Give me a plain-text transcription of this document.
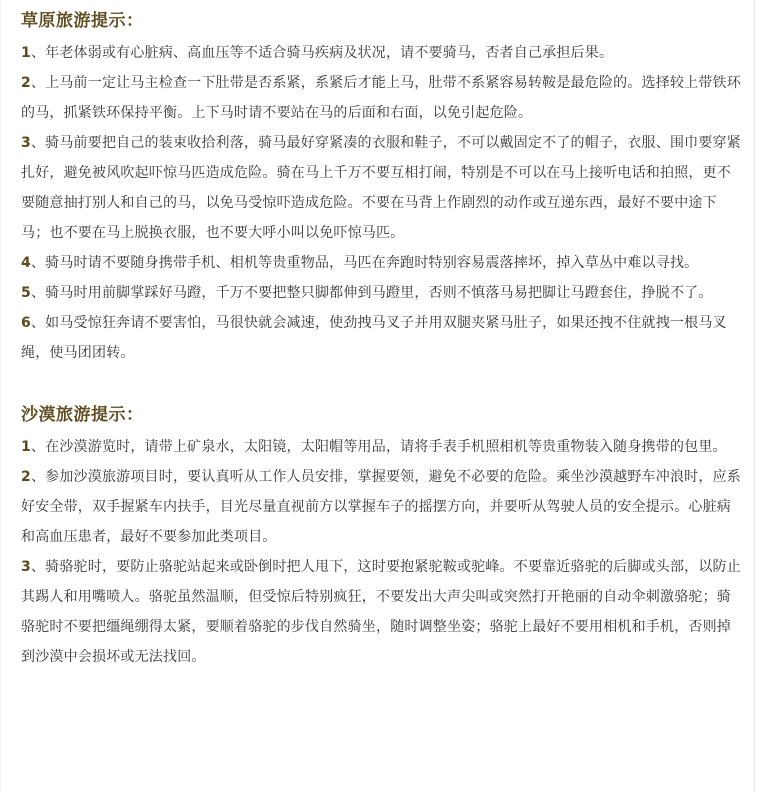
草原旅游提示：

1、年老体弱或有心脏病、高血压等不适合骑马疾病及状况，请不要骑马，否者自己承担后果。

2、上马前一定让马主检查一下肚带是否系紧，系紧后才能上马，肚带不系紧容易转鞍是最危险的。选择较上带铁环的马，抓紧铁环保持平衡。上下马时请不要站在马的后面和右面，以免引起危险。

3、骑马前要把自己的装束收拾利落，骑马最好穿紧凑的衣服和鞋子，不可以戴固定不了的帽子，衣服、围巾要穿紧扎好，避免被风吹起吓惊马匹造成危险。骑在马上千万不要互相打闹，特别是不可以在马上接听电话和拍照，更不要随意抽打别人和自己的马，以免马受惊吓造成危险。不要在马背上作剧烈的动作或互递东西，最好不要中途下马；也不要在马上脱换衣服，也不要大呼小叫以免吓惊马匹。

4、骑马时请不要随身携带手机、相机等贵重物品，马匹在奔跑时特别容易震落摔坏，掉入草丛中难以寻找。

5、骑马时用前脚掌踩好马蹬，千万不要把整只脚都伸到马蹬里，否则不慎落马易把脚让马蹬套住，挣脱不了。

6、如马受惊狂奔请不要害怕，马很快就会减速，使劲拽马叉子并用双腿夹紧马肚子，如果还拽不住就拽一根马叉绳，使马团团转。

沙漠旅游提示：

1、在沙漠游览时，请带上矿泉水，太阳镜，太阳帽等用品，请将手表手机照相机等贵重物装入随身携带的包里。

2、参加沙漠旅游项目时，要认真听从工作人员安排，掌握要领，避免不必要的危险。乘坐沙漠越野车冲浪时，应系好安全带，双手握紧车内扶手，目光尽量直视前方以掌握车子的摇摆方向，并要听从驾驶人员的安全提示。心脏病和高血压患者，最好不要参加此类项目。

3、骑骆驼时，要防止骆驼站起来或卧倒时把人甩下，这时要抱紧驼鞍或驼峰。不要靠近骆驼的后脚或头部，以防止其踢人和用嘴喷人。骆驼虽然温顺，但受惊后特别疯狂，不要发出大声尖叫或突然打开艳丽的自动伞刺激骆驼；骑骆驼时不要把缰绳绷得太紧，要顺着骆驼的步伐自然骑坐，随时调整坐姿；骆驼上最好不要用相机和手机，否则掉到沙漠中会损坏或无法找回。
